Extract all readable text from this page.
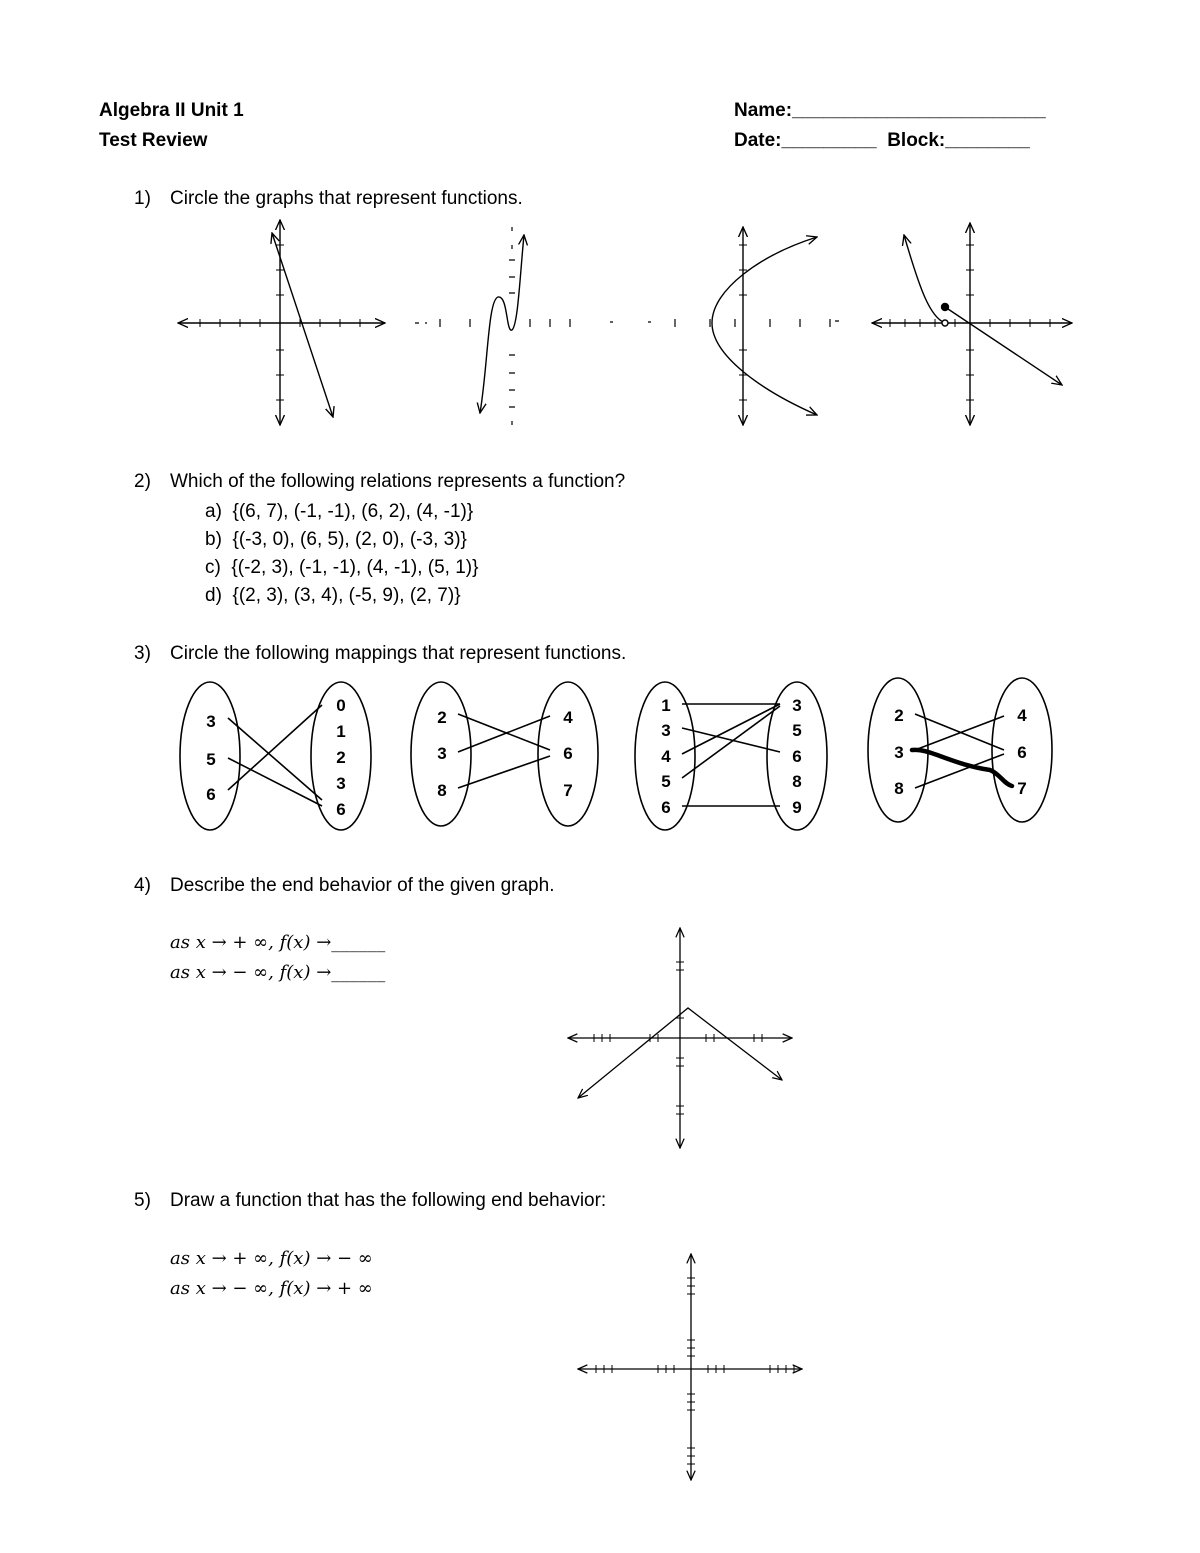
Algebra II Unit 1
Test Review
Name:________________________
Date:_________ Block:________
1) Circle the graphs that represent functions.
2) Which of the following relations represents a function?
a) {(6, 7), (-1, -1), (6, 2), (4, -1)}
b) {(-3, 0), (6, 5), (2, 0), (-3, 3)}
c) {(-2, 3), (-1, -1), (4, -1), (5, 1)}
d) {(2, 3), (3, 4), (-5, 9), (2, 7)}
3) Circle the following mappings that represent functions.
3
5
6
0
1
2
3
6
2
3
8
4
6
7
1
3
4
5
6
3
5
6
8
9
2
3
8
4
6
7
4) Describe the end behavior of the given graph.
as x → + ∞, f(x) →______
as x → − ∞, f(x) →______
5) Draw a function that has the following end behavior:
as x → + ∞, f(x) → − ∞
as x → − ∞, f(x) → + ∞
